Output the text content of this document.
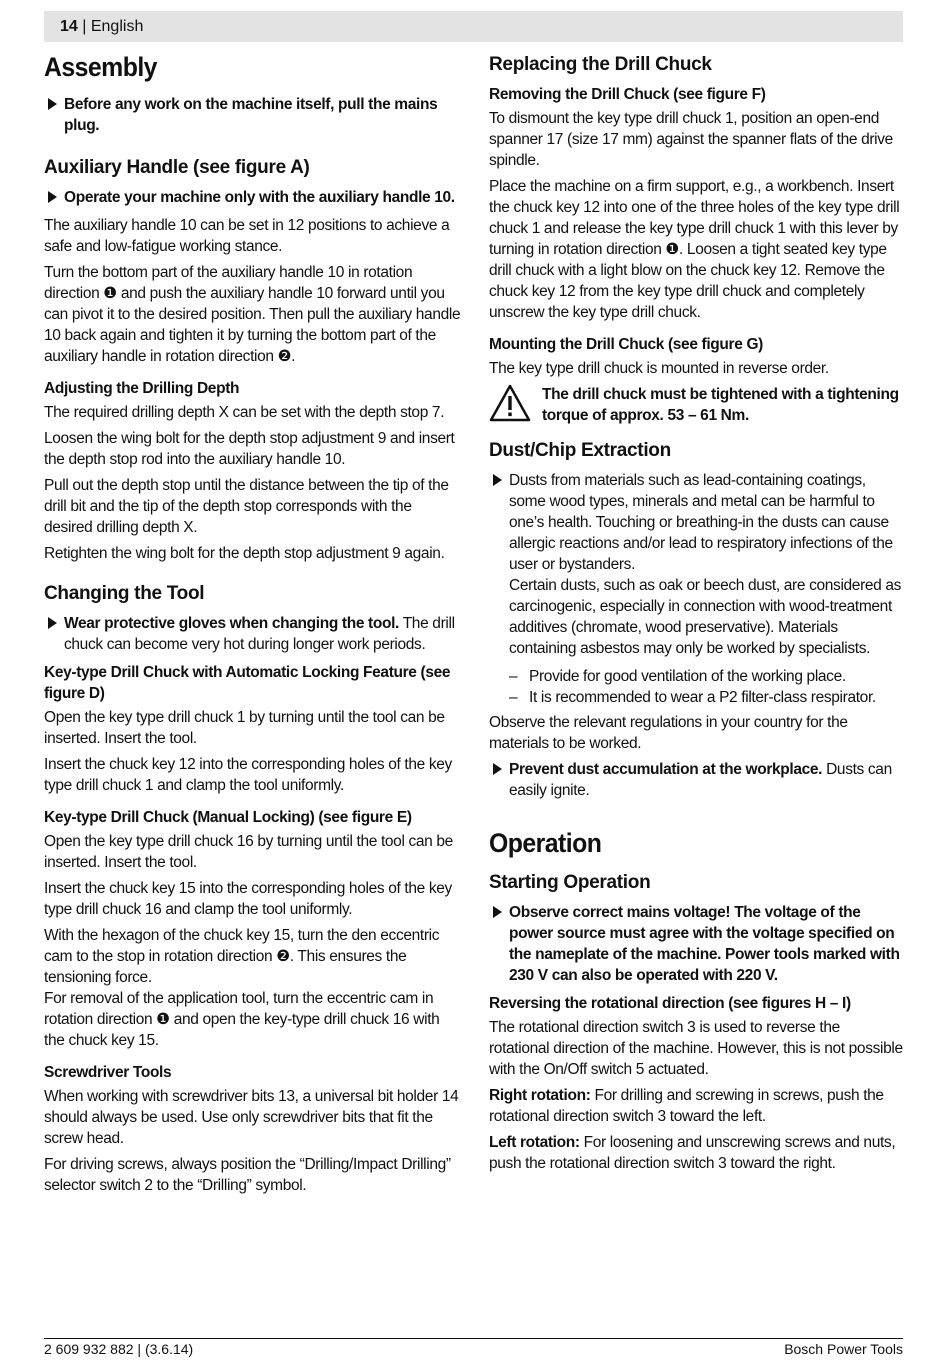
14 | English
Assembly
Before any work on the machine itself, pull the mains plug.
Auxiliary Handle (see figure A)
Operate your machine only with the auxiliary handle 10.

The auxiliary handle 10 can be set in 12 positions to achieve a safe and low-fatigue working stance.

Turn the bottom part of the auxiliary handle 10 in rotation direction ❶ and push the auxiliary handle 10 forward until you can pivot it to the desired position. Then pull the auxiliary handle 10 back again and tighten it by turning the bottom part of the auxiliary handle in rotation direction ❷.

Adjusting the Drilling Depth

The required drilling depth X can be set with the depth stop 7.

Loosen the wing bolt for the depth stop adjustment 9 and insert the depth stop rod into the auxiliary handle 10.

Pull out the depth stop until the distance between the tip of the drill bit and the tip of the depth stop corresponds with the desired drilling depth X.

Retighten the wing bolt for the depth stop adjustment 9 again.

Changing the Tool
Wear protective gloves when changing the tool. The drill chuck can become very hot during longer work periods.
Key-type Drill Chuck with Automatic Locking Feature (see figure D)

Open the key type drill chuck 1 by turning until the tool can be inserted. Insert the tool.

Insert the chuck key 12 into the corresponding holes of the key type drill chuck 1 and clamp the tool uniformly.

Key-type Drill Chuck (Manual Locking) (see figure E)

Open the key type drill chuck 16 by turning until the tool can be inserted. Insert the tool.

Insert the chuck key 15 into the corresponding holes of the key type drill chuck 16 and clamp the tool uniformly.

With the hexagon of the chuck key 15, turn the den eccentric cam to the stop in rotation direction ❷. This ensures the tensioning force.

For removal of the application tool, turn the eccentric cam in rotation direction ❶ and open the key-type drill chuck 16 with the chuck key 15.

Screwdriver Tools

When working with screwdriver bits 13, a universal bit holder 14 should always be used. Use only screwdriver bits that fit the screw head.

For driving screws, always position the “Drilling/Impact Drilling” selector switch 2 to the “Drilling” symbol.

Replacing the Drill Chuck
Removing the Drill Chuck (see figure F)

To dismount the key type drill chuck 1, position an open-end spanner 17 (size 17 mm) against the spanner flats of the drive spindle.

Place the machine on a firm support, e.g., a workbench. Insert the chuck key 12 into one of the three holes of the key type drill chuck 1 and release the key type drill chuck 1 with this lever by turning in rotation direction ❶. Loosen a tight seated key type drill chuck with a light blow on the chuck key 12. Remove the chuck key 12 from the key type drill chuck and completely unscrew the key type drill chuck.

Mounting the Drill Chuck (see figure G)

The key type drill chuck is mounted in reverse order.

The drill chuck must be tightened with a tightening torque of approx. 53 – 61 Nm.
Dust/Chip Extraction
Dusts from materials such as lead-containing coatings, some wood types, minerals and metal can be harmful to one’s health. Touching or breathing-in the dusts can cause allergic reactions and/or lead to respiratory infections of the user or bystanders.
Certain dusts, such as oak or beech dust, are considered as carcinogenic, especially in connection with wood-treatment additives (chromate, wood preservative). Materials containing asbestos may only be worked by specialists.

– Provide for good ventilation of the working place.

– It is recommended to wear a P2 filter-class respirator.

Observe the relevant regulations in your country for the materials to be worked.

Prevent dust accumulation at the workplace. Dusts can easily ignite.
Operation
Starting Operation
Observe correct mains voltage! The voltage of the power source must agree with the voltage specified on the nameplate of the machine. Power tools marked with 230 V can also be operated with 220 V.
Reversing the rotational direction (see figures H – I)

The rotational direction switch 3 is used to reverse the rotational direction of the machine. However, this is not possible with the On/Off switch 5 actuated.

Right rotation: For drilling and screwing in screws, push the rotational direction switch 3 toward the left.

Left rotation: For loosening and unscrewing screws and nuts, push the rotational direction switch 3 toward the right.

2 609 932 882 | (3.6.14)	Bosch Power Tools
